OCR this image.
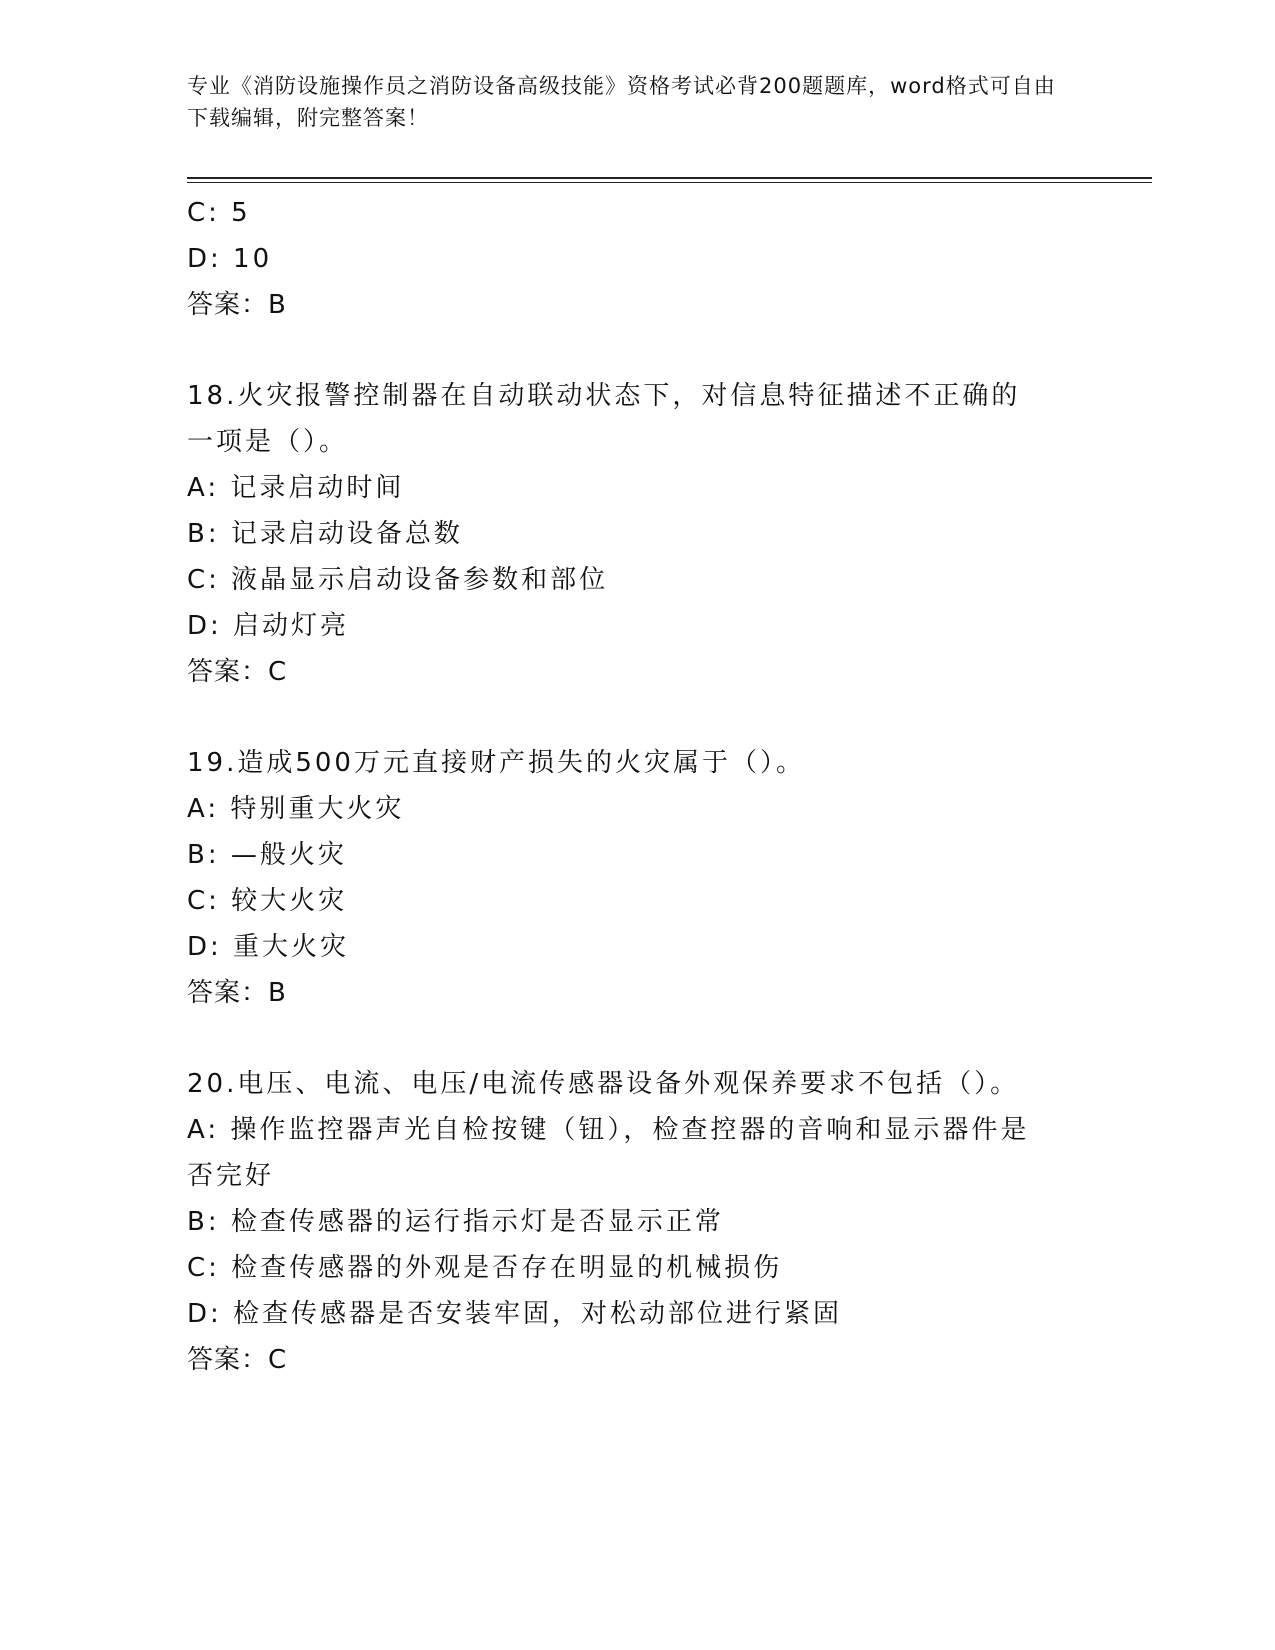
专业《消防设施操作员之消防设备高级技能》资格考试必背200题题库，word格式可自由下载编辑，附完整答案！
C: 5
D: 10
答案：B
18.火灾报警控制器在自动联动状态下，对信息特征描述不正确的一项是（）。
A: 记录启动时间
B: 记录启动设备总数
C: 液晶显示启动设备参数和部位
D: 启动灯亮
答案：C
19.造成500万元直接财产损失的火灾属于（）。
A: 特别重大火灾
B: —般火灾
C: 较大火灾
D: 重大火灾
答案：B
20.电压、电流、电压/电流传感器设备外观保养要求不包括（）。
A: 操作监控器声光自检按键（钮），检查控器的音响和显示器件是否完好
B: 检查传感器的运行指示灯是否显示正常
C: 检查传感器的外观是否存在明显的机械损伤
D: 检查传感器是否安装牢固，对松动部位进行紧固
答案：C
